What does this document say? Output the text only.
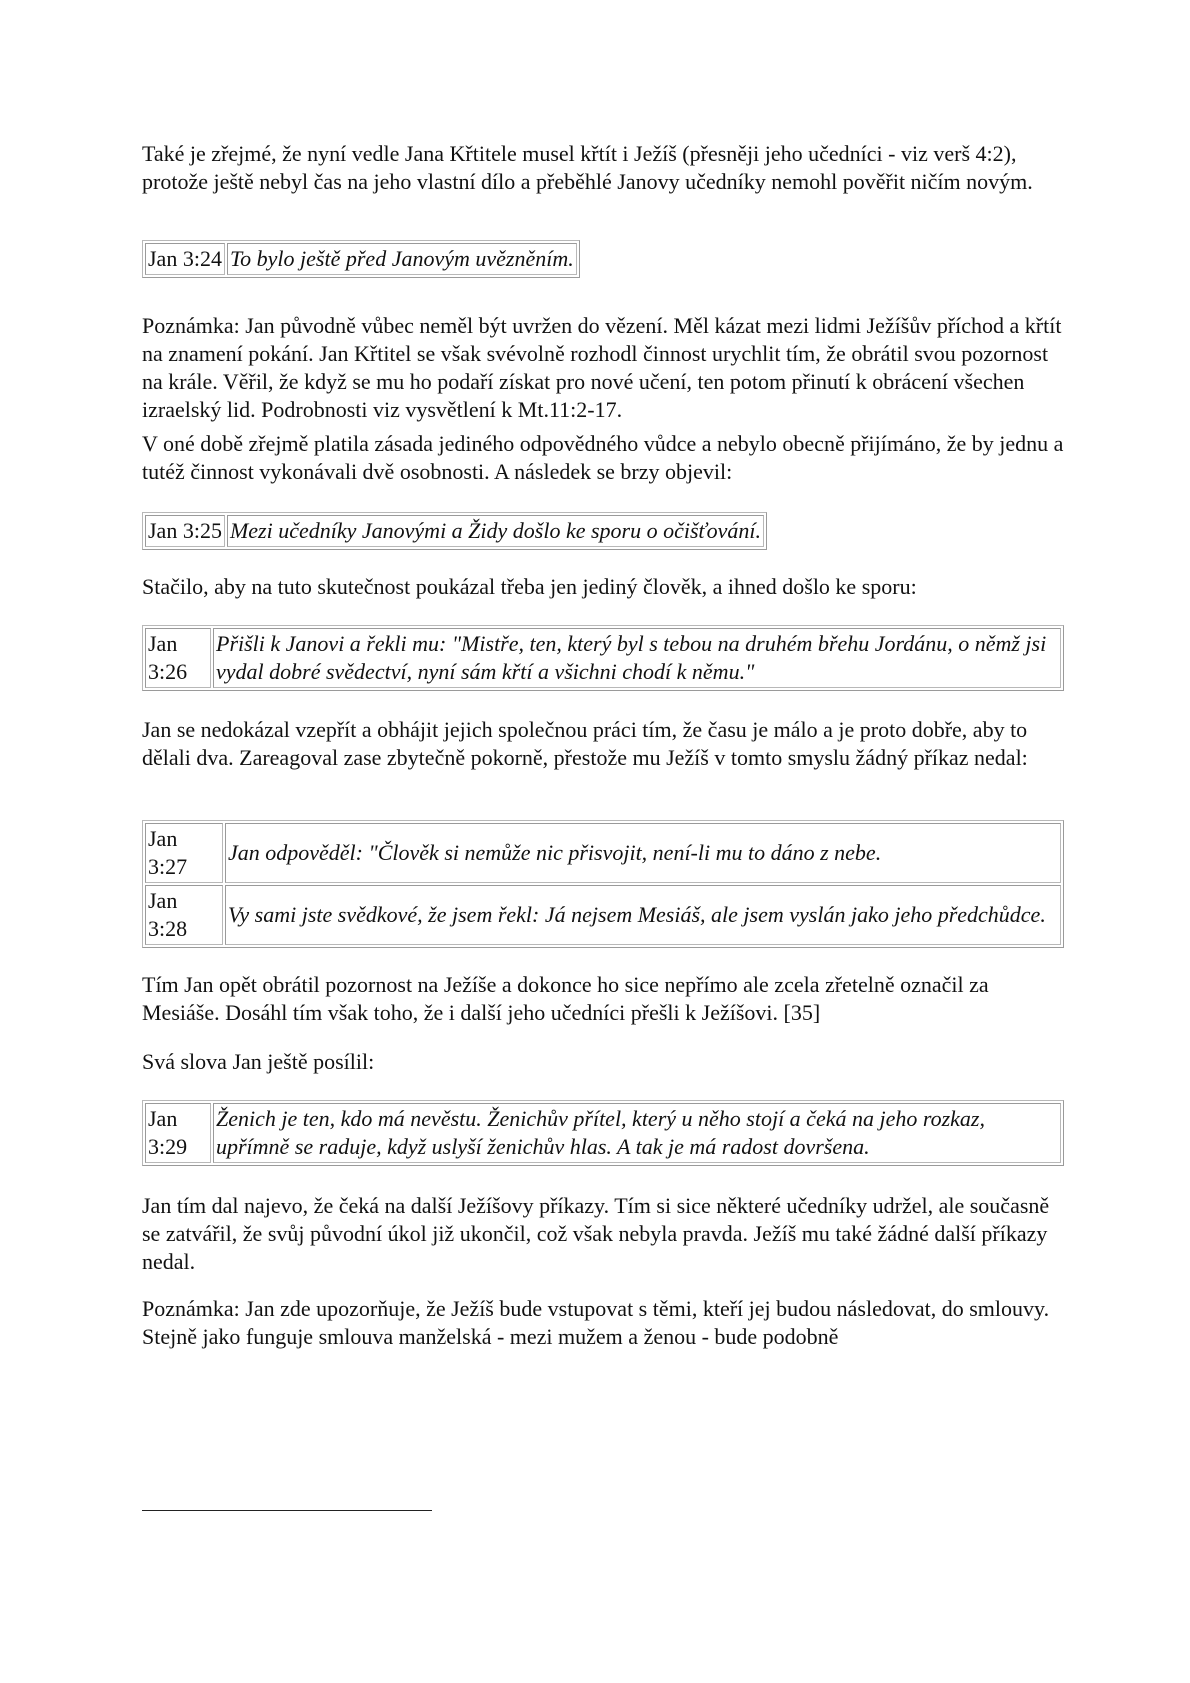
Také je zřejmé, že nyní vedle Jana Křtitele musel křtít i Ježíš (přesněji jeho učedníci - viz verš 4:2), protože ještě nebyl čas na jeho vlastní dílo a přeběhlé Janovy učedníky nemohl pověřit ničím novým.

Jan 3:24	To bylo ještě před Janovým uvězněním.

Poznámka: Jan původně vůbec neměl být uvržen do vězení. Měl kázat mezi lidmi Ježíšův příchod a křtít na znamení pokání. Jan Křtitel se však svévolně rozhodl činnost urychlit tím, že obrátil svou pozornost na krále. Věřil, že když se mu ho podaří získat pro nové učení, ten potom přinutí k obrácení všechen izraelský lid. Podrobnosti viz vysvětlení k Mt.11:2-17.

V oné době zřejmě platila zásada jediného odpovědného vůdce a nebylo obecně přijímáno, že by jednu a tutéž činnost vykonávali dvě osobnosti. A následek se brzy objevil:

Jan 3:25	Mezi učedníky Janovými a Židy došlo ke sporu o očišťování.

Stačilo, aby na tuto skutečnost poukázal třeba jen jediný člověk, a ihned došlo ke sporu:

Jan 3:26	Přišli k Janovi a řekli mu: "Mistře, ten, který byl s tebou na druhém břehu Jordánu, o němž jsi vydal dobré svědectví, nyní sám křtí a všichni chodí k němu."

Jan se nedokázal vzepřít a obhájit jejich společnou práci tím, že času je málo a je proto dobře, aby to dělali dva. Zareagoval zase zbytečně pokorně, přestože mu Ježíš v tomto smyslu žádný příkaz nedal:

Jan 3:27	Jan odpověděl: "Člověk si nemůže nic přisvojit, není-li mu to dáno z nebe.
Jan 3:28	Vy sami jste svědkové, že jsem řekl: Já nejsem Mesiáš, ale jsem vyslán jako jeho předchůdce.

Tím Jan opět obrátil pozornost na Ježíše a dokonce ho sice nepřímo ale zcela zřetelně označil za Mesiáše. Dosáhl tím však toho, že i další jeho učedníci přešli k Ježíšovi. [35]

Svá slova Jan ještě posílil:

Jan 3:29	Ženich je ten, kdo má nevěstu. Ženichův přítel, který u něho stojí a čeká na jeho rozkaz, upřímně se raduje, když uslyší ženichův hlas. A tak je má radost dovršena.

Jan tím dal najevo, že čeká na další Ježíšovy příkazy. Tím si sice některé učedníky udržel, ale současně se zatvářil, že svůj původní úkol již ukončil, což však nebyla pravda. Ježíš mu také žádné další příkazy nedal.

Poznámka: Jan zde upozorňuje, že Ježíš bude vstupovat s těmi, kteří jej budou následovat, do smlouvy. Stejně jako funguje smlouva manželská - mezi mužem a ženou - bude podobně
